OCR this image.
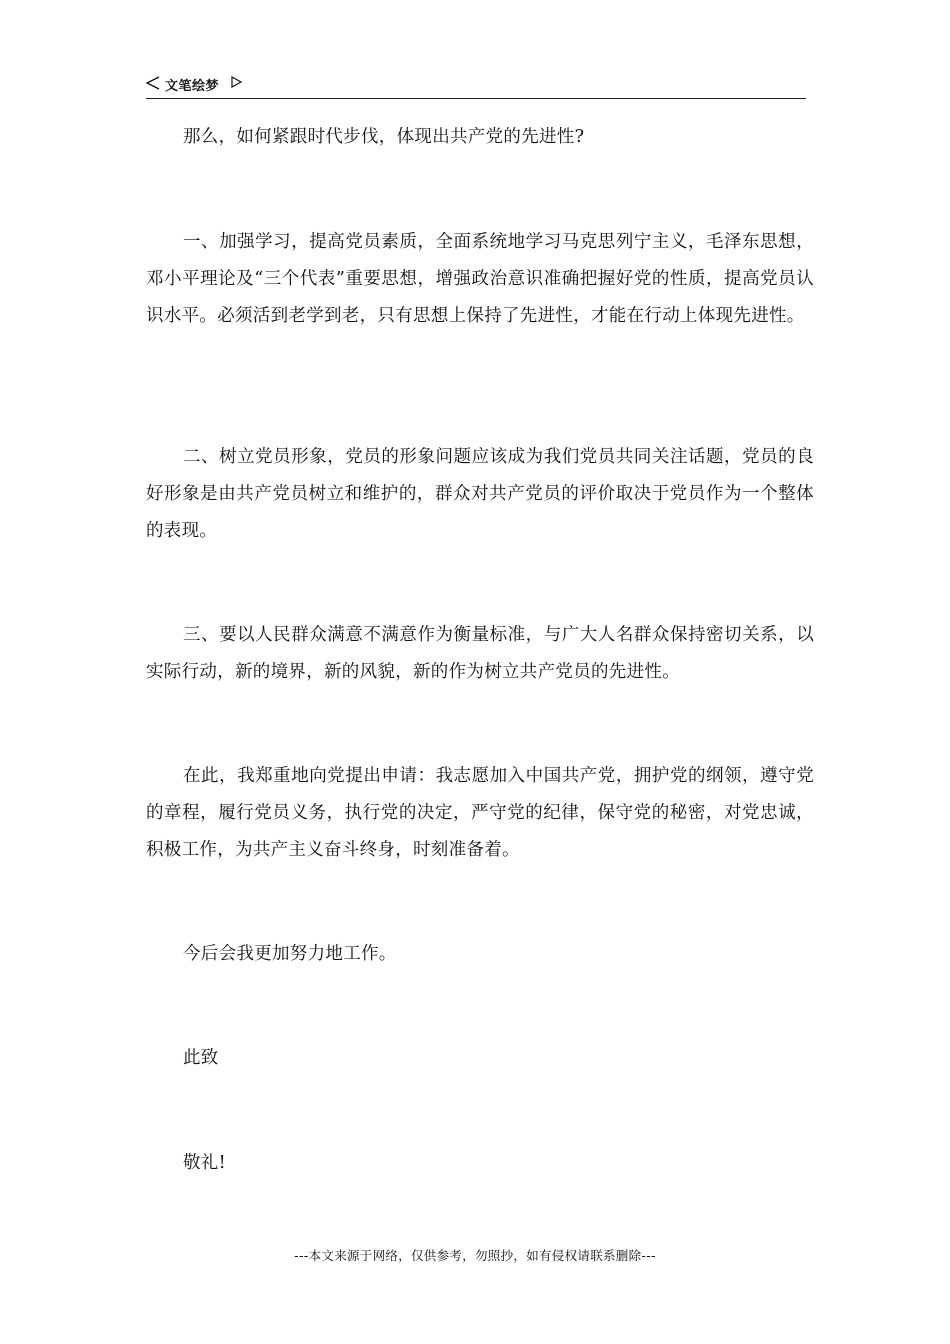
文笔绘梦

那么，如何紧跟时代步伐，体现出共产党的先进性?

一、加强学习，提高党员素质，全面系统地学习马克思列宁主义，毛泽东思想，邓小平理论及“三个代表”重要思想，增强政治意识准确把握好党的性质，提高党员认识水平。必须活到老学到老，只有思想上保持了先进性，才能在行动上体现先进性。

二、树立党员形象，党员的形象问题应该成为我们党员共同关注话题，党员的良好形象是由共产党员树立和维护的，群众对共产党员的评价取决于党员作为一个整体的表现。

三、要以人民群众满意不满意作为衡量标准，与广大人名群众保持密切关系，以实际行动，新的境界，新的风貌，新的作为树立共产党员的先进性。

在此，我郑重地向党提出申请：我志愿加入中国共产党，拥护党的纲领，遵守党的章程，履行党员义务，执行党的决定，严守党的纪律，保守党的秘密，对党忠诚，积极工作，为共产主义奋斗终身，时刻准备着。

今后会我更加努力地工作。

此致

敬礼!

---本文来源于网络，仅供参考，勿照抄，如有侵权请联系删除---
